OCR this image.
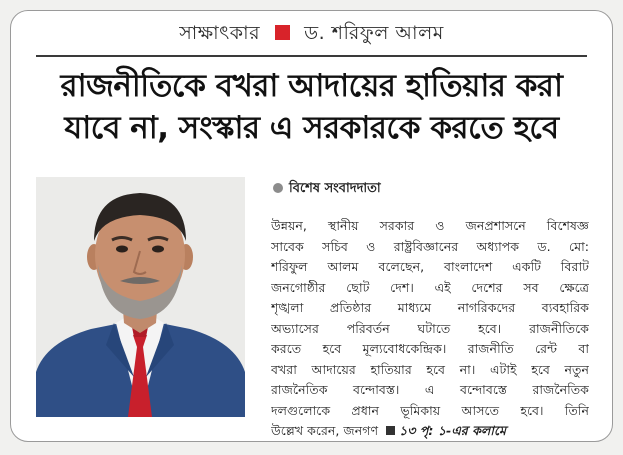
সাক্ষাৎকার ড. শরিফুল আলম
রাজনীতিকে বখরা আদায়ের হাতিয়ার করা
যাবে না, সংস্কার এ সরকারকে করতে হবে
বিশেষ সংবাদদাতা
উন্নয়ন, স্থানীয় সরকার ও জনপ্রশাসনে বিশেষজ্ঞ
সাবেক সচিব ও রাষ্ট্রবিজ্ঞানের অধ্যাপক ড. মো:
শরিফুল আলম বলেছেন, বাংলাদেশ একটি বিরাট
জনগোষ্ঠীর ছোট দেশ। এই দেশের সব ক্ষেত্রে
শৃঙ্খলা প্রতিষ্ঠার মাধ্যমে নাগরিকদের ব্যবহারিক
অভ্যাসের পরিবর্তন ঘটাতে হবে। রাজনীতিকে
করতে হবে মূল্যবোধকেন্দ্রিক। রাজনীতি রেন্ট বা
বখরা আদায়ের হাতিয়ার হবে না। এটাই হবে নতুন
রাজনৈতিক বন্দোবস্ত। এ বন্দোবস্তে রাজনৈতিক
দলগুলোকে প্রধান ভূমিকায় আসতে হবে। তিনি
উল্লেখ করেন, জনগণ ১৩ পৃ: ১-এর কলামে
